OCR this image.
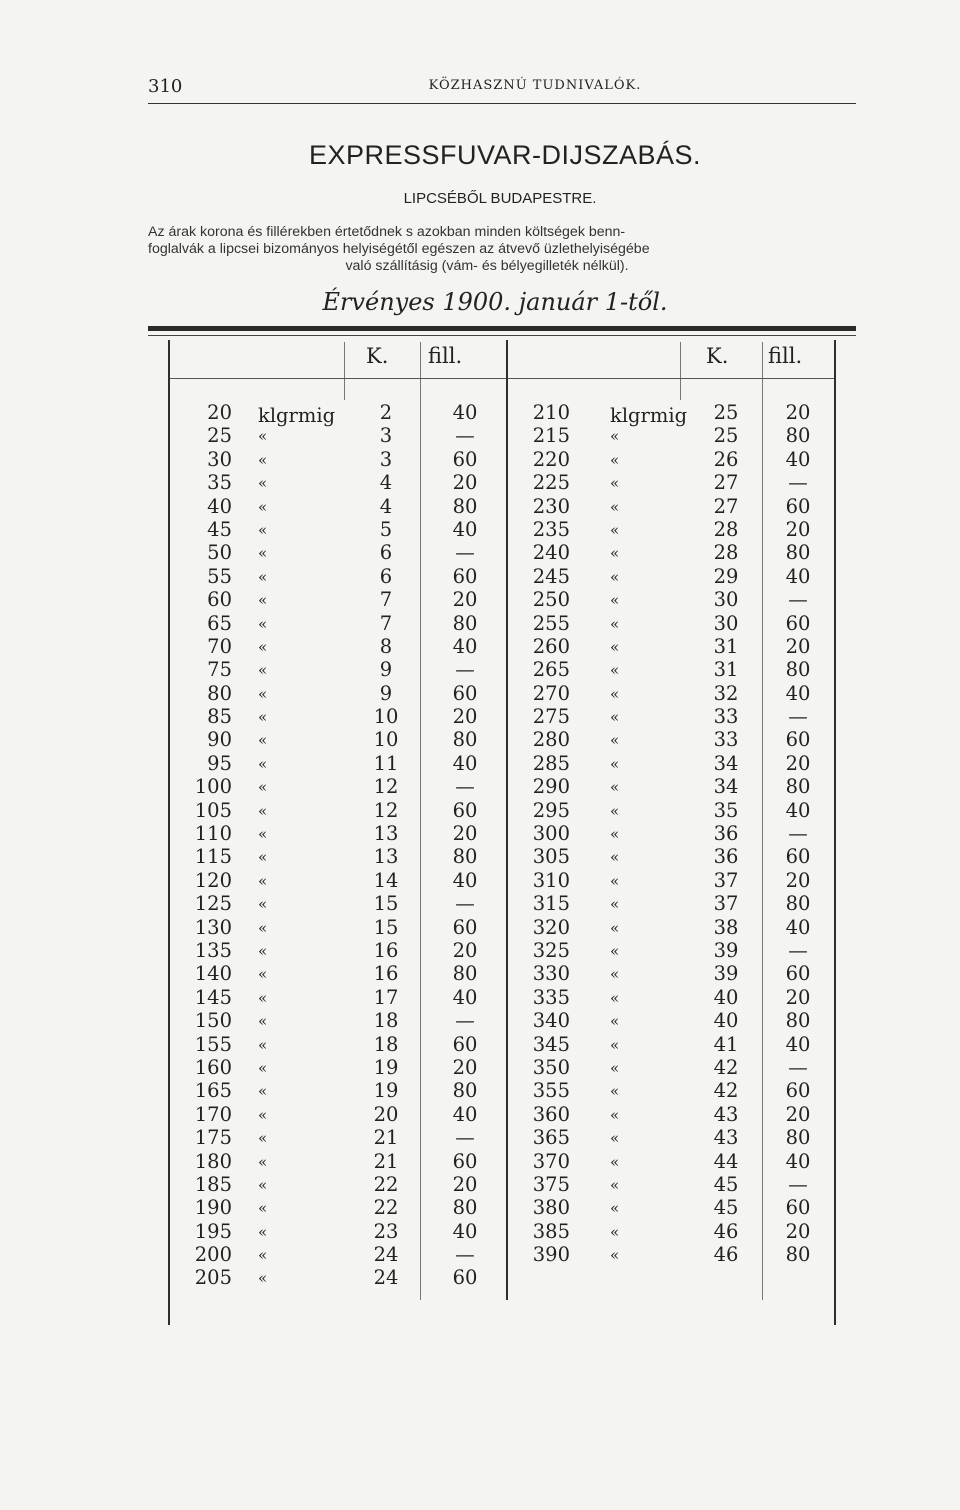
310	KÖZHASZNÚ TUDNIVALÓK.
EXPRESSFUVAR-DIJSZABÁS.
LIPCSÉBŐL BUDAPESTRE.
Az árak korona és fillérekben értetődnek s azokban minden költségek benn-
foglalvák a lipcsei bizományos helyiségétől egészen az átvevő üzlethelyiségébe
való szállításig (vám- és bélyegilleték nélkül).
Érvényes 1900. január 1-től.
K. fill.	K. fill.
20 klgrmig	2	40	210 klgrmig	25	20
25 «	3	—	215	«	25	80
30 «	3	60	220	«	26	40
35 «	4	20	225	«	27	—
40 «	4	80	230	«	27	60
45 «	5	40	235	«	28	20
50 «	6	—	240	«	28	80
55 «	6	60	245	«	29	40
60 «	7	20	250	«	30	—
65 «	7	80	255	«	30	60
70 «	8	40	260	«	31	20
75 «	9	—	265	«	31	80
80 «	9	60	270	«	32	40
85 «	10	20	275	«	33	—
90 «	10	80	280	«	33	60
95 «	11	40	285	«	34	20
100 «	12	—	290	«	34	80
105 «	12	60	295	«	35	40
110 «	13	20	300	«	36	—
115 «	13	80	305	«	36	60
120 «	14	40	310	«	37	20
125 «	15	—	315	«	37	80
130 «	15	60	320	«	38	40
135 «	16	20	325	«	39	—
140 «	16	80	330	«	39	60
145 «	17	40	335	«	40	20
150 «	18	—	340	«	40	80
155 «	18	60	345	«	41	40
160 «	19	20	350	«	42	—
165 «	19	80	355	«	42	60
170 «	20	40	360	«	43	20
175 «	21	—	365	«	43	80
180 «	21	60	370	«	44	40
185 «	22	20	375	«	45	—
190 «	22	80	380	«	45	60
195 «	23	40	385	«	46	20
200 «	24	—	390	«	46	80
205 «	24	60
